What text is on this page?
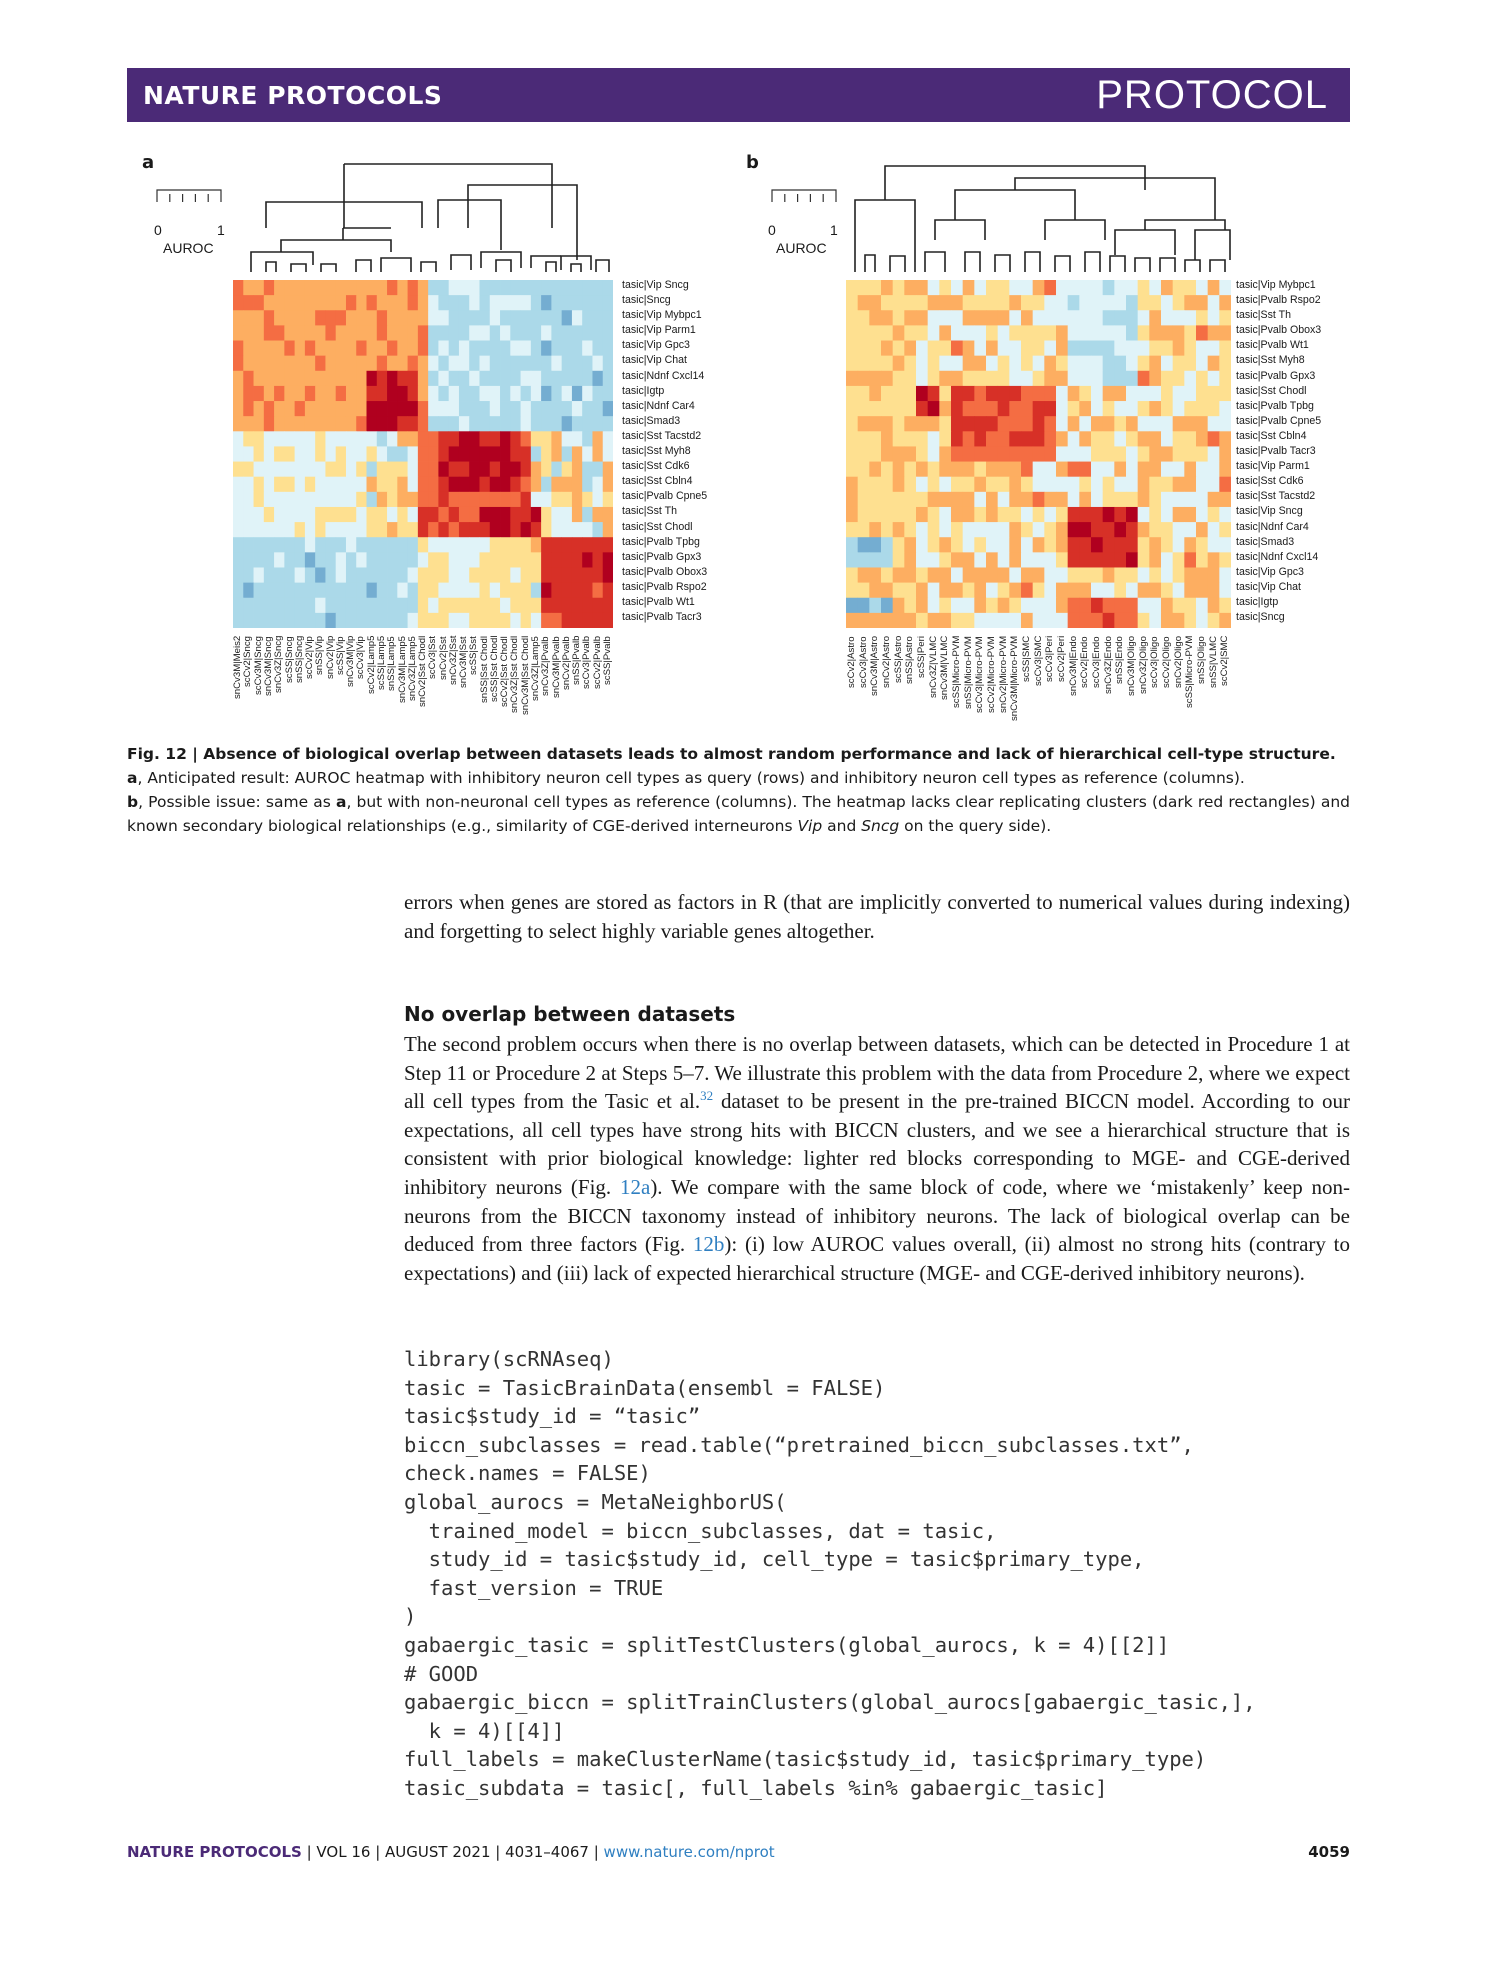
NATURE PROTOCOLS	PROTOCOL
a
0	1
AUROC
tasic|Vip Sncg
tasic|Sncg
tasic|Vip Mybpc1
tasic|Vip Parm1
tasic|Vip Gpc3
tasic|Vip Chat
tasic|Ndnf Cxcl14
tasic|Igtp
tasic|Ndnf Car4
tasic|Smad3
tasic|Sst Tacstd2
tasic|Sst Myh8
tasic|Sst Cdk6
tasic|Sst Cbln4
tasic|Pvalb Cpne5
tasic|Sst Th
tasic|Sst Chodl
tasic|Pvalb Tpbg
tasic|Pvalb Gpx3
tasic|Pvalb Obox3
tasic|Pvalb Rspo2
tasic|Pvalb Wt1
tasic|Pvalb Tacr3
snCv3M|Meis2 scCv2|Sncg scCv3M|Sncg snCv3M|Sncg snCv3Z|Sncg scSS|Sncg snSS|Sncg scCv2|Vip snSS|Vip snCv2|Vip scSS|Vip snCv3M|Vip scCv3|Vip scCv2|Lamp5 scSS|Lamp5 snSS|Lamp5 snCv3M|Lamp5 snCv3Z|Lamp5 snCv2|Sst Chodl scCv3|Sst snCv2|Sst snCv3Z|Sst snCv3M|Sst scSS|Sst snSS|Sst Chodl scSS|Sst Chodl scCv2|Sst Chodl snCv3Z|Sst Chodl snCv3M|Sst Chodl snCv3Z|Lamp5 snCv3Z|Pvalb snCv3M|Pvalb snCv2|Pvalb snSS|Pvalb scCv3|Pvalb scCv2|Pvalb scSS|Pvalb
b
0	1
AUROC
tasic|Vip Mybpc1
tasic|Pvalb Rspo2
tasic|Sst Th
tasic|Pvalb Obox3
tasic|Pvalb Wt1
tasic|Sst Myh8
tasic|Pvalb Gpx3
tasic|Sst Chodl
tasic|Pvalb Tpbg
tasic|Pvalb Cpne5
tasic|Sst Cbln4
tasic|Pvalb Tacr3
tasic|Vip Parm1
tasic|Sst Cdk6
tasic|Sst Tacstd2
tasic|Vip Sncg
tasic|Ndnf Car4
tasic|Smad3
tasic|Ndnf Cxcl14
tasic|Vip Gpc3
tasic|Vip Chat
tasic|Igtp
tasic|Sncg
scCv2|Astro scCv3|Astro snCv3M|Astro snCv2|Astro scSS|Astro snSS|Astro scSS|Peri snCv3Z|VLMC snCv3M|VLMC scSS|Micro-PVM snSS|Micro-PVM scCv3|Micro-PVM scCv2|Micro-PVM snCv2|Micro-PVM snCv3M|Micro-PVM scSS|SMC scCv3|SMC scCv3|Peri scCv2|Peri snCv3M|Endo scCv2|Endo scCv3|Endo snCv3Z|Endo snSS|Endo snCv3M|Oligo snCv3Z|Oligo scCv3|Oligo scCv2|Oligo snCv2|Oligo scSS|Micro-PVM snSS|Oligo snSS|VLMC scCv2|SMC
Fig. 12 | Absence of biological overlap between datasets leads to almost random performance and lack of hierarchical cell-type structure.
a, Anticipated result: AUROC heatmap with inhibitory neuron cell types as query (rows) and inhibitory neuron cell types as reference (columns).
b, Possible issue: same as a, but with non-neuronal cell types as reference (columns). The heatmap lacks clear replicating clusters (dark red rectangles) and known secondary biological relationships (e.g., similarity of CGE-derived interneurons Vip and Sncg on the query side).
errors when genes are stored as factors in R (that are implicitly converted to numerical values during indexing) and forgetting to select highly variable genes altogether.
No overlap between datasets
The second problem occurs when there is no overlap between datasets, which can be detected in Procedure 1 at Step 11 or Procedure 2 at Steps 5–7. We illustrate this problem with the data from Procedure 2, where we expect all cell types from the Tasic et al.$^{32}$ dataset to be present in the pre-trained BICCN model. According to our expectations, all cell types have strong hits with BICCN clusters, and we see a hierarchical structure that is consistent with prior biological knowledge: lighter red blocks corresponding to MGE- and CGE-derived inhibitory neurons (Fig. 12a). We compare with the same block of code, where we ‘mistakenly’ keep non-neurons from the BICCN taxonomy instead of inhibitory neurons. The lack of biological overlap can be deduced from three factors (Fig. 12b): (i) low AUROC values overall, (ii) almost no strong hits (contrary to expectations) and (iii) lack of expected hierarchical structure (MGE- and CGE-derived inhibitory neurons).
library(scRNAseq)
tasic = TasicBrainData(ensembl = FALSE)
tasic$study_id = “tasic”
biccn_subclasses = read.table(“pretrained_biccn_subclasses.txt”,
check.names = FALSE)
global_aurocs = MetaNeighborUS(
trained_model = biccn_subclasses, dat = tasic,
study_id = tasic$study_id, cell_type = tasic$primary_type,
fast_version = TRUE
)
gabaergic_tasic = splitTestClusters(global_aurocs, k = 4)[[2]]
# GOOD
gabaergic_biccn = splitTrainClusters(global_aurocs[gabaergic_tasic,],
k = 4)[[4]]
full_labels = makeClusterName(tasic$study_id, tasic$primary_type)
tasic_subdata = tasic[, full_labels %in% gabaergic_tasic]
NATURE PROTOCOLS | VOL 16 | AUGUST 2021 | 4031–4067 | www.nature.com/nprot	4059
